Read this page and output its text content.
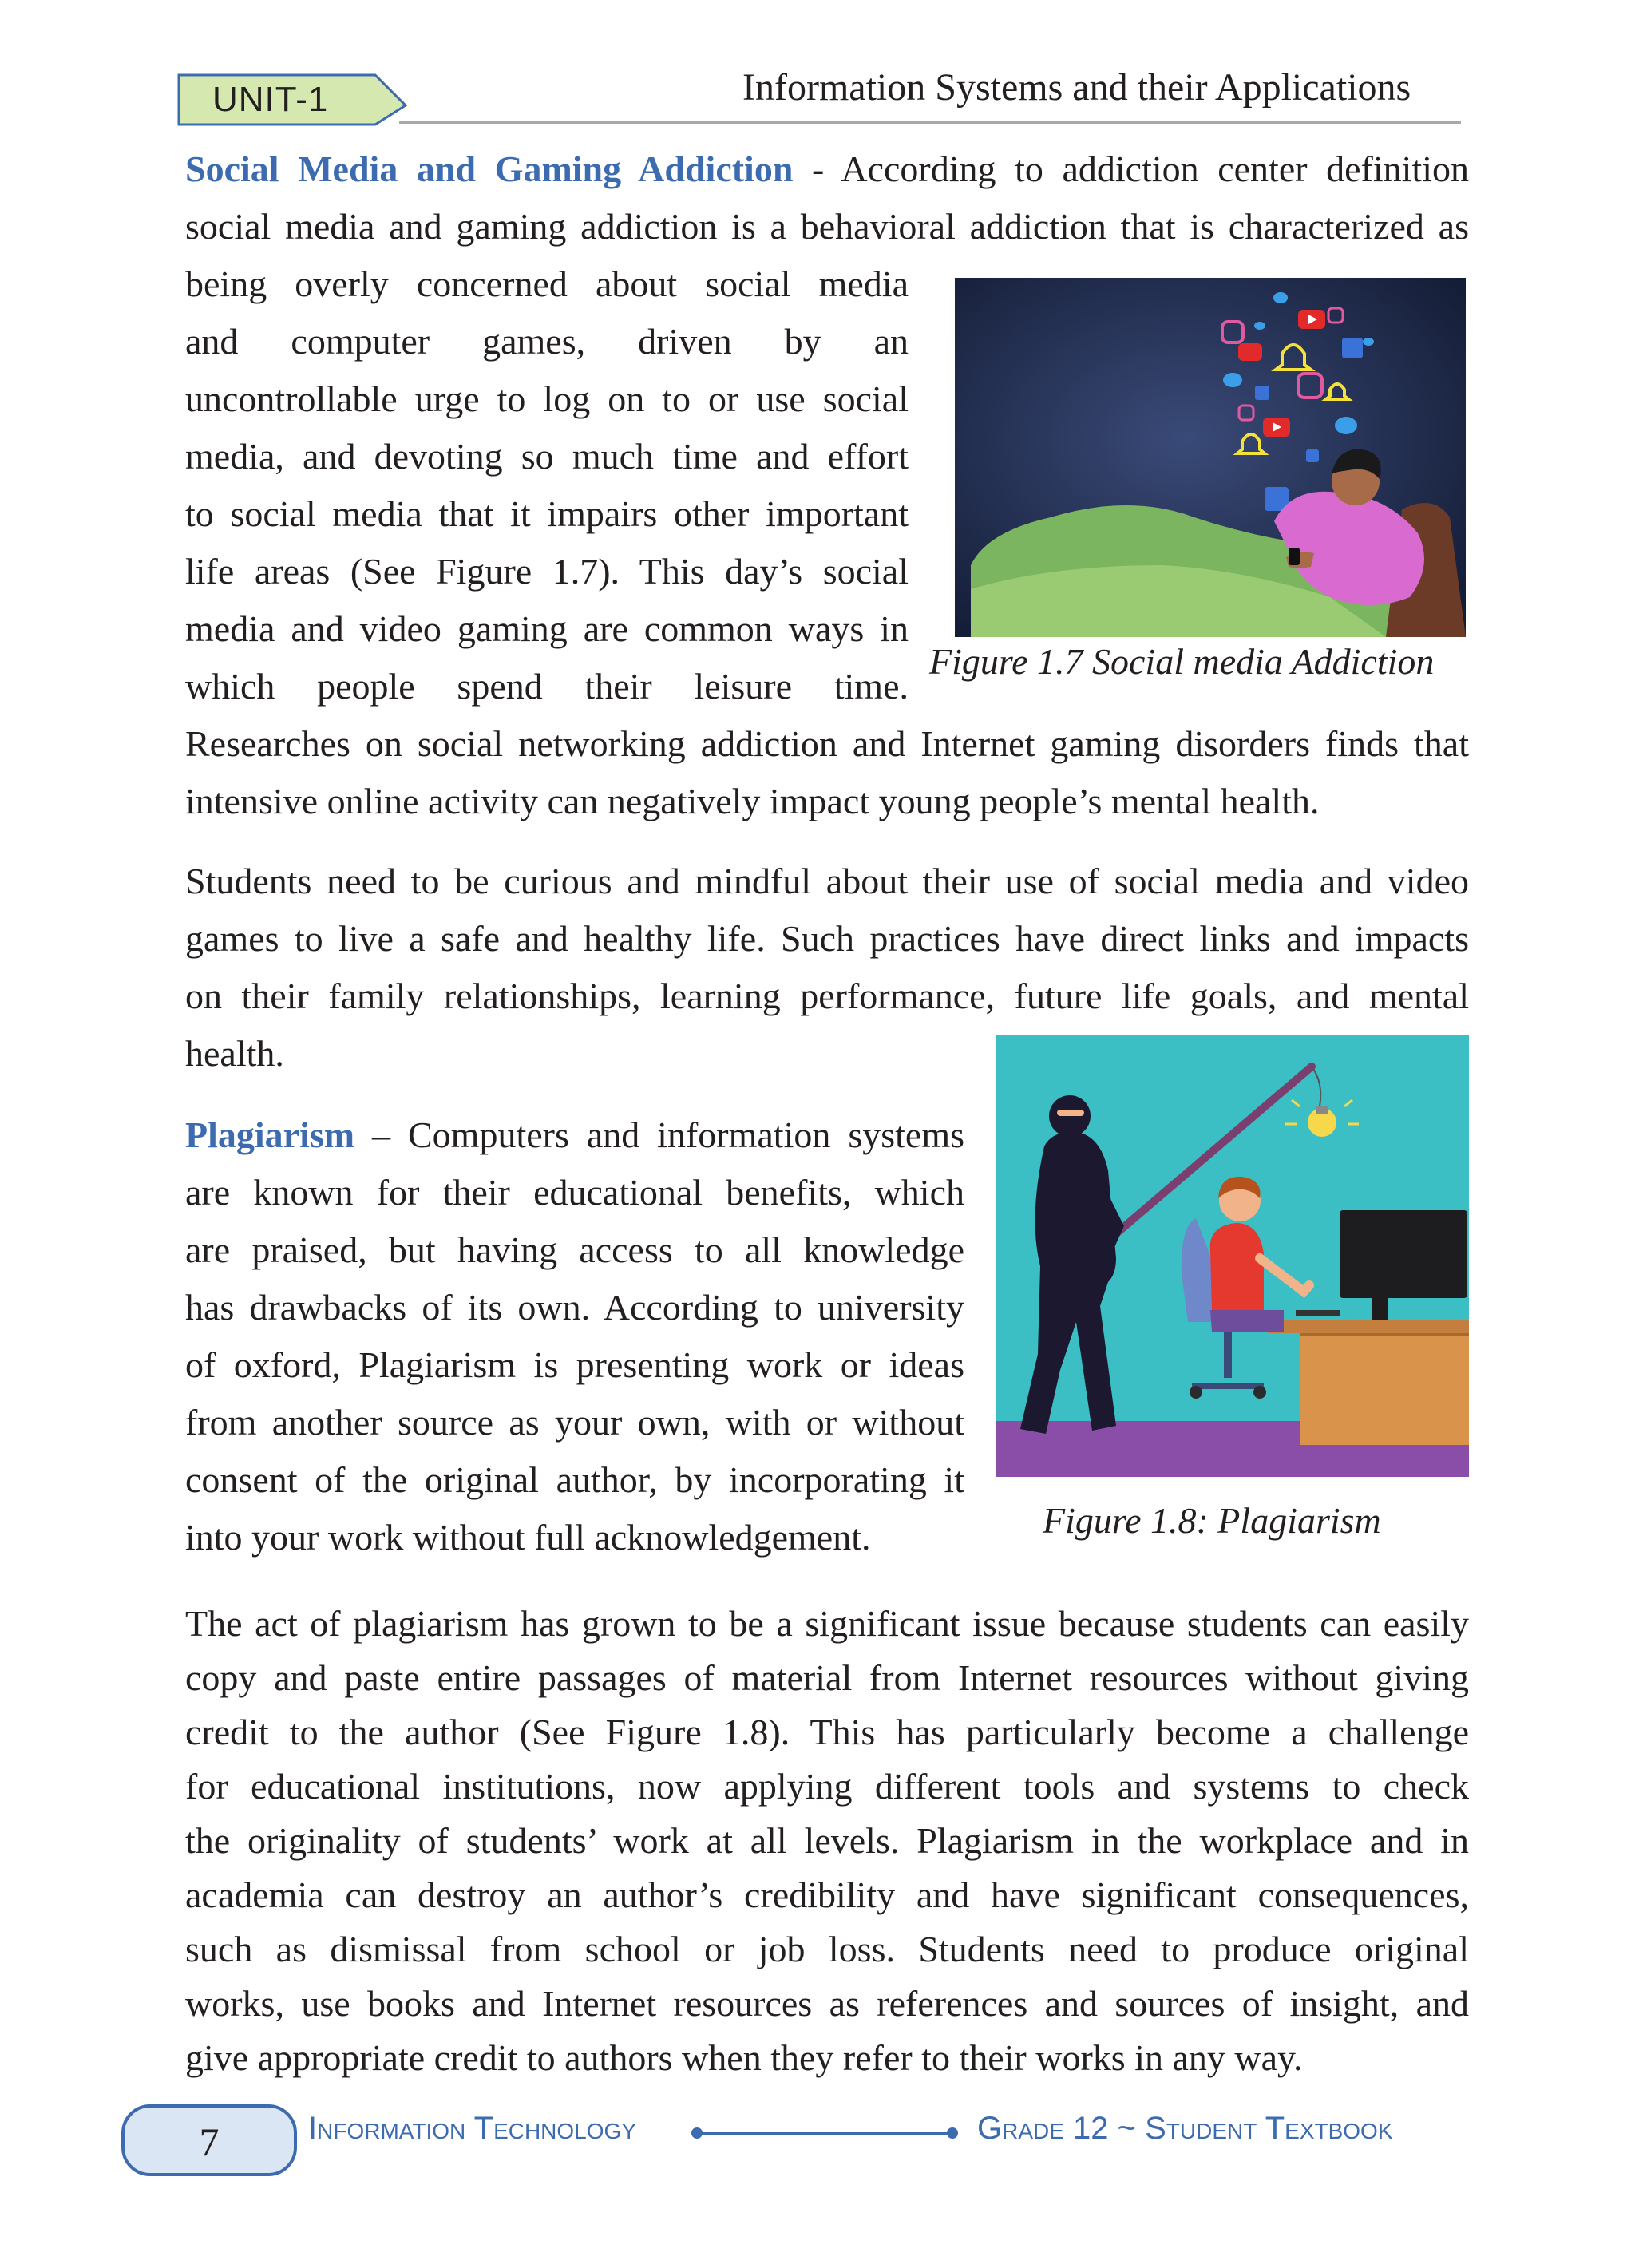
UNIT-1	Information Systems and their Applications
Social Media and Gaming Addiction - According to addiction center definition
social media and gaming addiction is a behavioral addiction that is characterized as
being overly concerned about social media
and computer games, driven by an
uncontrollable urge to log on to or use social
media, and devoting so much time and effort
to social media that it impairs other important
life areas (See Figure 1.7). This day’s social
media and video gaming are common ways in
which people spend their leisure time.
Researches on social networking addiction and Internet gaming disorders finds that
intensive online activity can negatively impact young people’s mental health.
Students need to be curious and mindful about their use of social media and video
games to live a safe and healthy life. Such practices have direct links and impacts
on their family relationships, learning performance, future life goals, and mental
health.
Figure 1.7 Social media Addiction
Plagiarism – Computers and information systems
are known for their educational benefits, which
are praised, but having access to all knowledge
has drawbacks of its own. According to university
of oxford, Plagiarism is presenting work or ideas
from another source as your own, with or without
consent of the original author, by incorporating it
into your work without full acknowledgement.	Figure 1.8: Plagiarism
The act of plagiarism has grown to be a significant issue because students can easily
copy and paste entire passages of material from Internet resources without giving
credit to the author (See Figure 1.8). This has particularly become a challenge
for educational institutions, now applying different tools and systems to check
the originality of students’ work at all levels. Plagiarism in the workplace and in
academia can destroy an author’s credibility and have significant consequences,
such as dismissal from school or job loss. Students need to produce original
works, use books and Internet resources as references and sources of insight, and
give appropriate credit to authors when they refer to their works in any way.
7	Information Technology	Grade 12 ~ Student Textbook
